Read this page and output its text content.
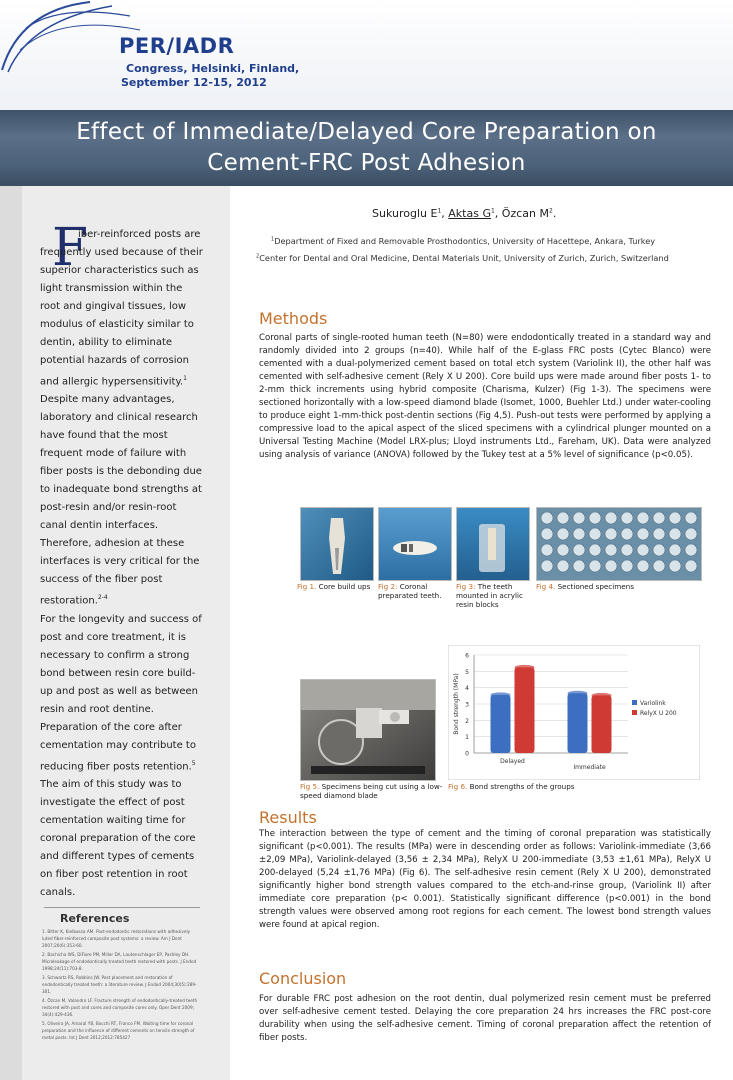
PER/IADR
Congress, Helsinki, Finland,
September 12-15, 2012
Effect of Immediate/Delayed Core Preparation on
Cement-FRC Post Adhesion
F

iber-reinforced posts are frequently used because of their superior characteristics such as light transmission within the root and gingival tissues, low modulus of elasticity similar to dentin, ability to eliminate potential hazards of corrosion and allergic hypersensitivity.$^1$

Despite many advantages, laboratory and clinical research have found that the most frequent mode of failure with fiber posts is the debonding due to inadequate bond strengths at post-resin and/or resin-root canal dentin interfaces. Therefore, adhesion at these interfaces is very critical for the success of the fiber post restoration.$^{2-4}$

For the longevity and success of post and core treatment, it is necessary to confirm a strong bond between resin core build-up and post as well as between resin and root dentine. Preparation of the core after cementation may contribute to reducing fiber posts retention.$^5$

The aim of this study was to investigate the effect of post cementation waiting time for coronal preparation of the core and different types of cements on fiber post retention in root canals.

References
1. Bitter K, Kielbassa AM. Post-endodontic restorations with adhesively luted fiber-reinforced composite post systems: a review. Am J Dent 2007;20(6):353-60.
2. Bachicha WS, DiFiore PM, Miller DA, Lautenschlager EP, Pashley DH. Microleakage of endodontically treated teeth restored with posts. J Endod 1998;24(11):703-8.
3. Schwartz RS, Robbins JW. Post placement and restoration of endodontically treated teeth: a literature review. J Endod 2004;30(5):289-301.
4. Özcan M, Valandro LF. Fracture strength of endodontically-treated teeth restored with post and cores and composite cores only. Oper Dent 2009; 34(4):429-436.
5. Oliveira JA, Amaral YB, Bocchi RT, Franco FM. Waiting time for coronal preparation and the influence of different cements on tensile strength of metal posts. Int J Dent 2012;2012:785427
Sukuroglu $E^1$, Aktas $G^1$, Özcan $M^2$.
$^1$Department of Fixed and Removable Prosthodontics, University of Hacettepe, Ankara, Turkey
$^2$Center for Dental and Oral Medicine, Dental Materials Unit, University of Zurich, Zurich, Switzerland
Methods

Coronal parts of single-rooted human teeth (N=80) were endodontically treated in a standard way and randomly divided into 2 groups (n=40). While half of the E-glass FRC posts (Cytec Blanco) were cemented with a dual-polymerized cement based on total etch system (Variolink II), the other half was cemented with self-adhesive cement (Rely X U 200). Core build ups were made around fiber posts 1- to 2-mm thick increments using hybrid composite (Charisma, Kulzer) (Fig 1-3). The specimens were sectioned horizontally with a low-speed diamond blade (Isomet, 1000, Buehler Ltd.) under water-cooling to produce eight 1-mm-thick post-dentin sections (Fig 4,5). Push-out tests were performed by applying a compressive load to the apical aspect of the sliced specimens with a cylindrical plunger mounted on a Universal Testing Machine (Model LRX-plus; Lloyd instruments Ltd., Fareham, UK). Data were analyzed using analysis of variance (ANOVA) followed by the Tukey test at a 5% level of significance (p<0.05).

Fig 1. Core build ups	Fig 2: Coronal preparated teeth.
Fig 3: The teeth mounted in acrylic resin blocks
Fig 4. Sectioned specimens
Fig 5. Specimens being cut using a low-speed diamond blade
0
1
2
3
4
5
6
Bond strength (MPa)
Delayed
Immediate
Variolink
RelyX U 200
Fig 6. Bond strengths of the groups
Results

The interaction between the type of cement and the timing of coronal preparation was statistically significant (p<0.001). The results (MPa) were in descending order as follows: Variolink-immediate (3,66 ±2,09 MPa), Variolink-delayed (3,56 ± 2,34 MPa), RelyX U 200-immediate (3,53 ±1,61 MPa), RelyX U 200-delayed (5,24 ±1,76 MPa) (Fig 6). The self-adhesive resin cement (Rely X U 200), demonstrated significantly higher bond strength values compared to the etch-and-rinse group, (Variolink II) after immediate core preparation (p< 0.001). Statistically significant difference (p<0.001) in the bond strength values were observed among root regions for each cement. The lowest bond strength values were found at apical region.

Conclusion

For durable FRC post adhesion on the root dentin, dual polymerized resin cement must be preferred over self-adhesive cement tested. Delaying the core preparation 24 hrs increases the FRC post-core durability when using the self-adhesive cement. Timing of coronal preparation affect the retention of fiber posts.
